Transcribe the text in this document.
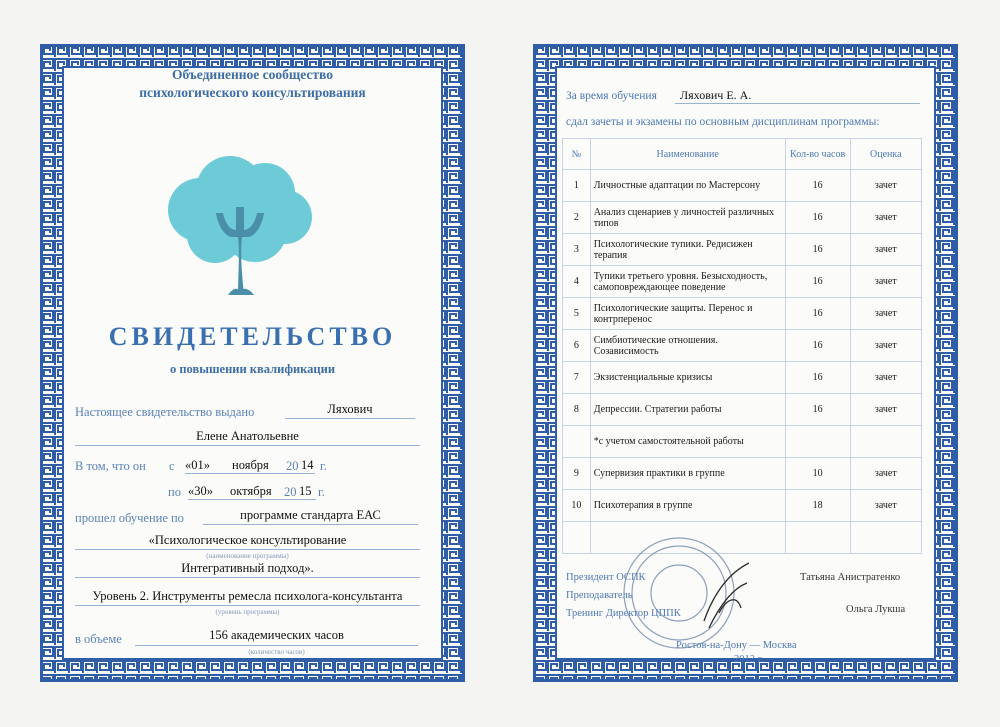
Объединенное сообщество
психологического консультирования
СВИДЕТЕЛЬСТВО
о повышении квалификации
Настоящее свидетельство выдано	Ляхович
Елене Анатольевне
В том, что он с «01» ноября 20 14 г.
по «30» октября 20 15 г.
прошел обучение по	программе стандарта ЕАС
«Психологическое консультирование
(наименование программы)
Интегративный подход».
Уровень 2. Инструменты ремесла психолога-консультанта
(уровень программы)
в объеме	156 академических часов
(количество часов)
За время обучения Ляхович Е. А.
сдал зачеты и экзамены по основным дисциплинам программы:
№	Наименование	Кол-во часов	Оценка
1	Личностные адаптации по Мастерсону	16	зачет
2	Анализ сценариев у личностей различных типов	16	зачет
3	Психологические тупики. Редисижен терапия	16	зачет
4	Тупики третьего уровня. Безысходность, самоповреждающее поведение	16	зачет
5	Психологические защиты. Перенос и контрперенос	16	зачет
6	Симбиотические отношения. Созависимость	16	зачет
7	Экзистенциальные кризисы	16	зачет
8	Депрессии. Стратегии работы	16	зачет
	*с учетом самостоятельной работы		
9	Супервизия практики в группе	10	зачет
10	Психотерапия в группе	18	зачет

Президент ОСПК	Татьяна Анистратенко
Преподаватель
Тренинг Директор ЦППК	Ольга Лукша
Ростов-на-Дону — Москва
2012 г.
